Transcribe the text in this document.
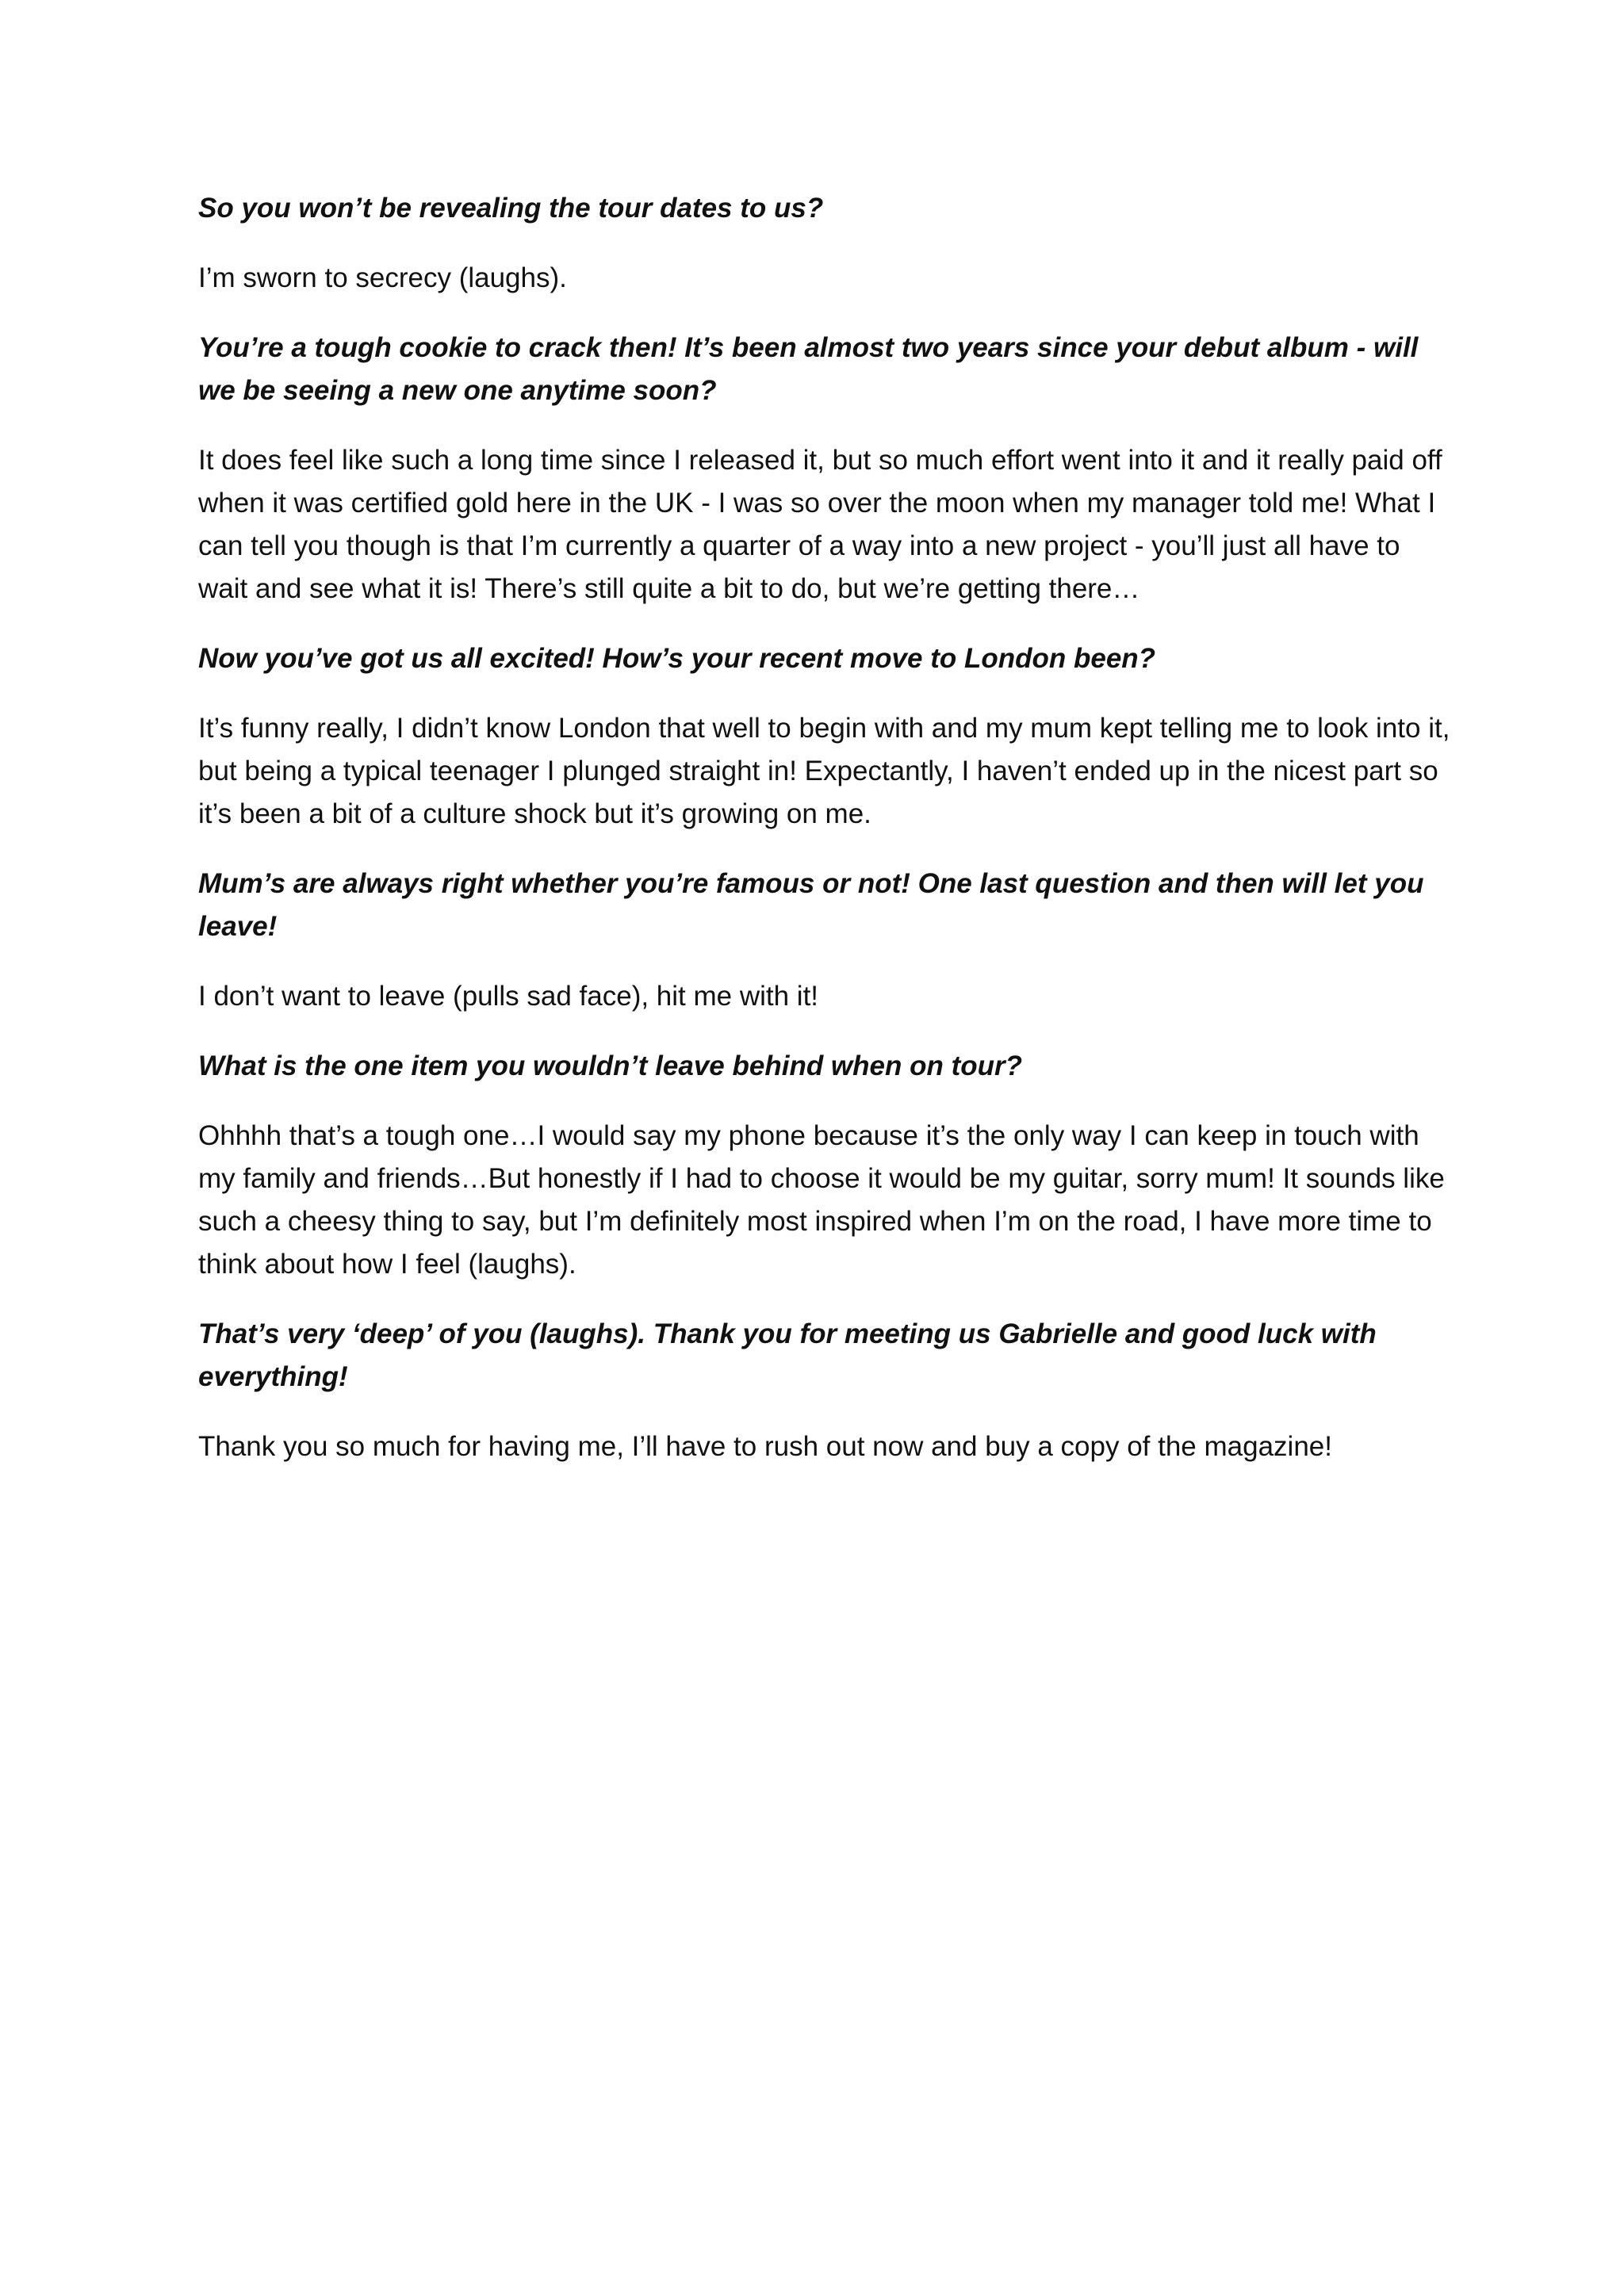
So you won’t be revealing the tour dates to us?

I’m sworn to secrecy (laughs).

You’re a tough cookie to crack then! It’s been almost two years since your debut album - will we be seeing a new one anytime soon?

It does feel like such a long time since I released it, but so much effort went into it and it really paid off when it was certified gold here in the UK - I was so over the moon when my manager told me! What I can tell you though is that I’m currently a quarter of a way into a new project - you’ll just all have to wait and see what it is! There’s still quite a bit to do, but we’re getting there…

Now you’ve got us all excited! How’s your recent move to London been?

It’s funny really, I didn’t know London that well to begin with and my mum kept telling me to look into it, but being a typical teenager I plunged straight in! Expectantly, I haven’t ended up in the nicest part so it’s been a bit of a culture shock but it’s growing on me.

Mum’s are always right whether you’re famous or not! One last question and then will let you leave!

I don’t want to leave (pulls sad face), hit me with it!

What is the one item you wouldn’t leave behind when on tour?

Ohhhh that’s a tough one…I would say my phone because it’s the only way I can keep in touch with my family and friends…But honestly if I had to choose it would be my guitar, sorry mum! It sounds like such a cheesy thing to say, but I’m definitely most inspired when I’m on the road, I have more time to think about how I feel (laughs).

That’s very ‘deep’ of you (laughs). Thank you for meeting us Gabrielle and good luck with everything!

Thank you so much for having me, I’ll have to rush out now and buy a copy of the magazine!
